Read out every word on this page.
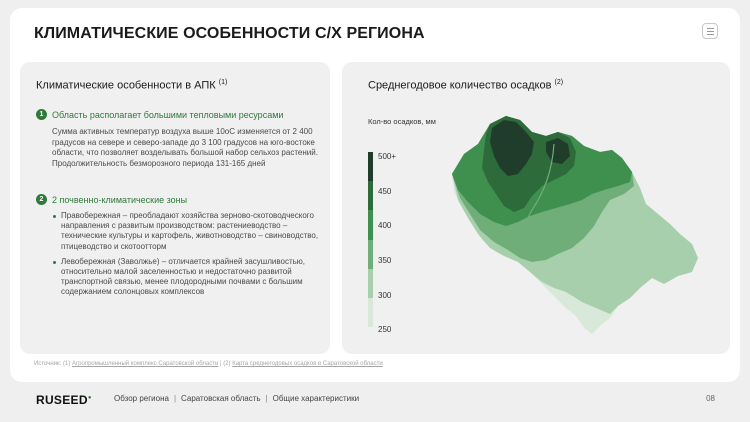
КЛИМАТИЧЕСКИЕ ОСОБЕННОСТИ С/Х РЕГИОНА
Климатические особенности в АПК $^{(1)}$
1 Область располагает большими тепловыми ресурсами

Сумма активных температур воздуха выше 10оС изменяется от 2 400 градусов на севере и северо-западе до 3 100 градусов на юго-востоке области, что позволяет возделывать большой набор сельхоз растений. Продолжительность безморозного периода 131-165 дней

2 2 почвенно-климатические зоны
Правобережная – преобладают хозяйства зерново-скотоводческого направления с развитым производством: растениеводство – технические культуры и картофель, животноводство – свиноводство, птицеводство и скотоотторм
Левобережная (Заволжье) – отличается крайней засушливостью, относительно малой заселенностью и недостаточно развитой транспортной связью, менее плодородными почвами с большим содержанием солонцовых комплексов
Среднегодовое количество осадков $^{(2)}$
Кол-во осадков, мм
500+
450
400
350
300
250
Источник: (1) Агропромышленный комплекс Саратовской области | (2) Карта среднегодовых осадков в Саратовской области
RUSEED●	Обзор региона | Саратовская область | Общие характеристики	08
